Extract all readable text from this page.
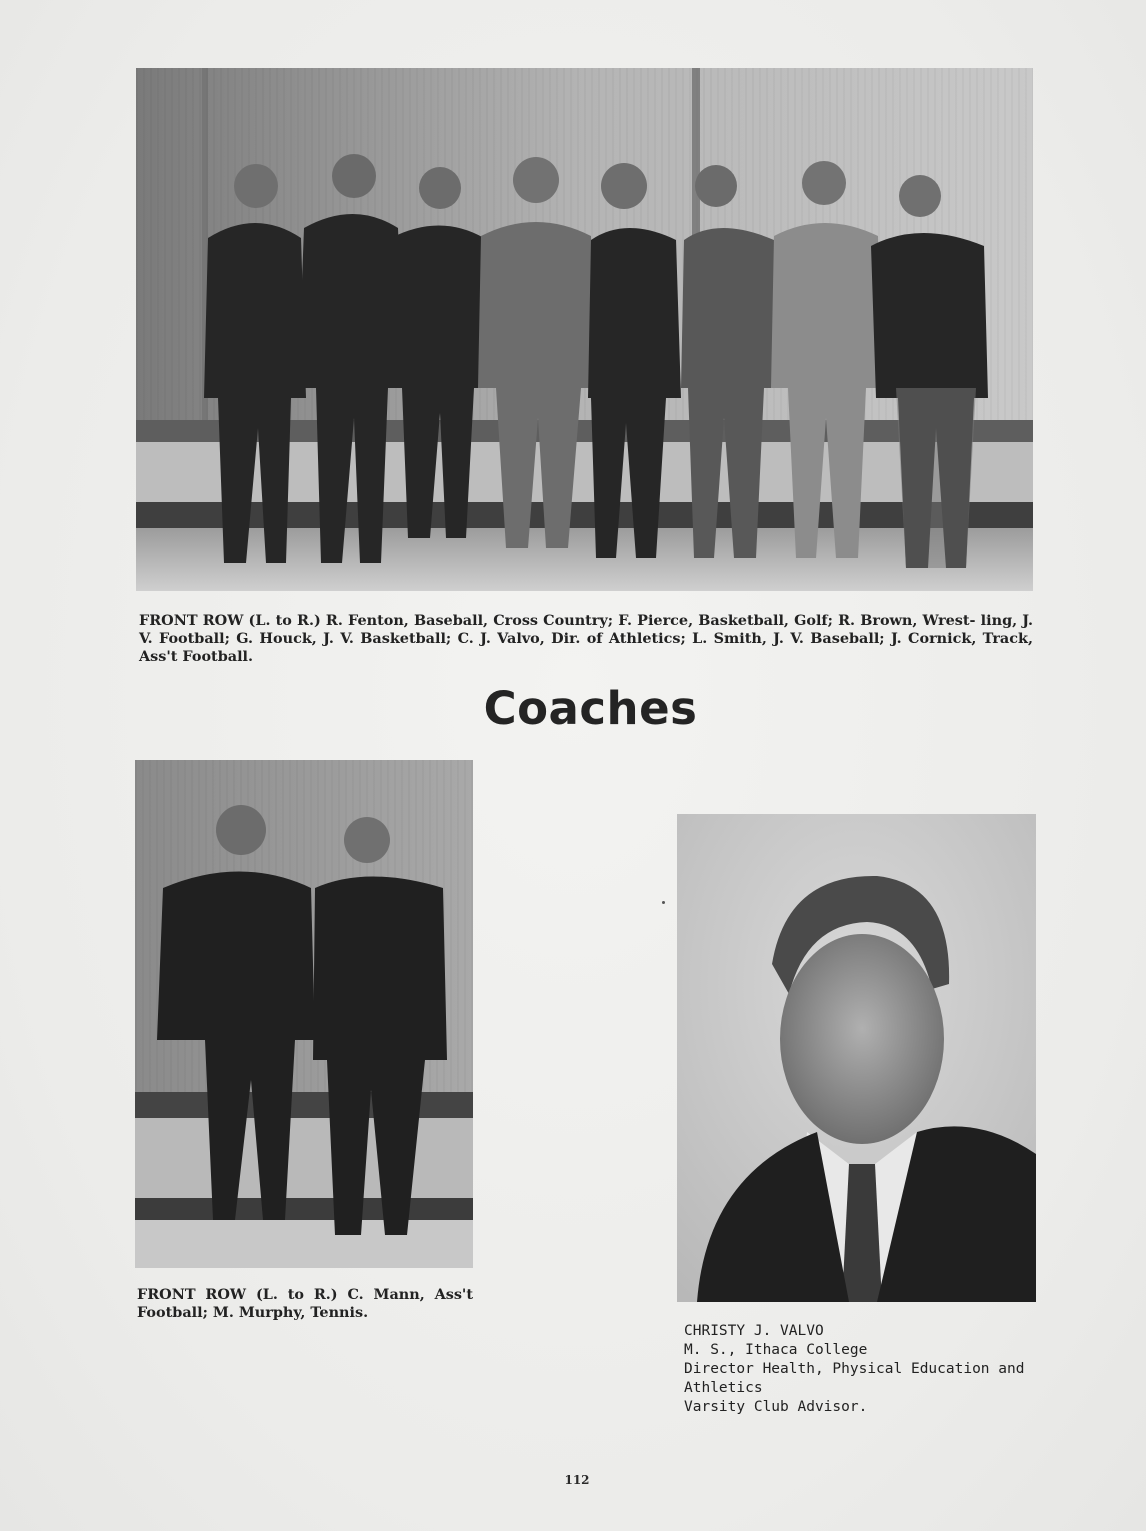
FRONT ROW (L. to R.) R. Fenton, Baseball, Cross Country; F. Pierce, Basketball, Golf; R. Brown, Wrest- ling, J. V. Football; G. Houck, J. V. Basketball; C. J. Valvo, Dir. of Athletics; L. Smith, J. V. Baseball; J. Cornick, Track, Ass't Football.

Coaches

FRONT ROW (L. to R.) C. Mann, Ass't Football; M. Murphy, Tennis.

CHRISTY J. VALVO
M. S., Ithaca College
Director Health, Physical Education and
Athletics
Varsity Club Advisor.
112
